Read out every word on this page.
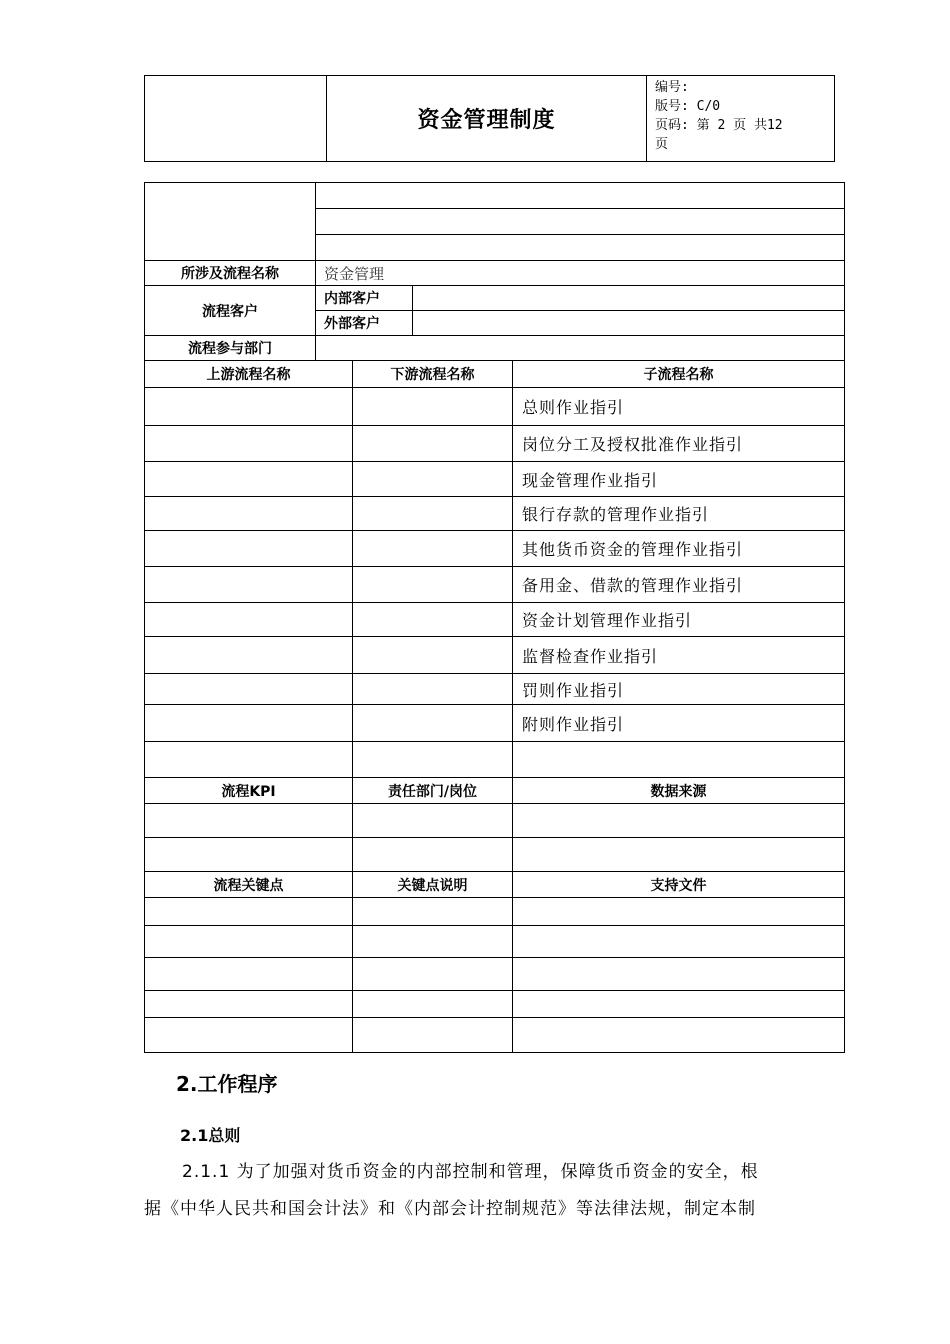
	资金管理制度	
编号:
版号: C/0
页码: 第 2 页 共12
页

所涉及流程名称	资金管理			
流程客户	内部客户			
	外部客户			
流程参与部门				
上游流程名称		下游流程名称		子流程名称
				总则作业指引
				岗位分工及授权批准作业指引
				现金管理作业指引
				银行存款的管理作业指引
				其他货币资金的管理作业指引
				备用金、借款的管理作业指引
				资金计划管理作业指引
				监督检查作业指引
				罚则作业指引
				附则作业指引

流程KPI		责任部门/岗位		数据来源

流程关键点		关键点说明		支持文件

2.工作程序
2.1总则
2.1.1 为了加强对货币资金的内部控制和管理，保障货币资金的安全，根
据《中华人民共和国会计法》和《内部会计控制规范》等法律法规，制定本制
